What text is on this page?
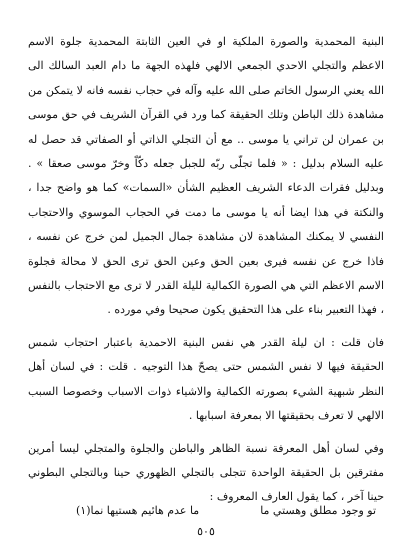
البنية المحمدية والصورة الملكية او في العين الثابتة المحمدية جلوة الاسم الاعظم والتجلي الاحدي الجمعي الالهي فلهذه الجهة ما دام العبد السالك الى الله يعني الرسول الخاتم صلى الله عليه وآله في حجاب نفسه فانه لا يتمكن من مشاهدة ذلك الباطن وتلك الحقيقة كما ورد في القرآن الشريف في حق موسى بن عمران لن تراني يا موسى .. مع أن التجلي الذاتي أو الصفاتي قد حصل له عليه السلام بدليل : « فلما تجلّى ربّه للجبل جعله دكّاً وخرّ موسى صعقا » . وبدليل فقرات الدعاء الشريف العظيم الشأن «السمات» كما هو واضح جدا ، والنكتة في هذا ايضا أنه يا موسى ما دمت في الحجاب الموسوي والاحتجاب النفسي لا يمكنك المشاهدة لان مشاهدة جمال الجميل لمن خرج عن نفسه ، فاذا خرج عن نفسه فيرى بعين الحق وعين الحق ترى الحق لا محالة فجلوة الاسم الاعظم التي هي الصورة الكمالية لليلة القدر لا ترى مع الاحتجاب بالنفس ، فهذا التعبير بناء على هذا التحقيق يكون صحيحا وفي مورده .

فان قلت : ان ليلة القدر هي نفس البنية الاحمدية باعتبار احتجاب شمس الحقيقة فيها لا نفس الشمس حتى يصحّ هذا التوجيه . قلت : في لسان أهل النظر شبهية الشيء بصورته الكمالية والاشياء ذوات الاسباب وخصوصا السبب الالهي لا تعرف بحقيقتها الا بمعرفة اسبابها .

وفي لسان أهل المعرفة نسبة الظاهر والباطن والجلوة والمتجلي ليسا أمرين مفترقين بل الحقيقة الواحدة تتجلى بالتجلي الظهوري حينا وبالتجلي البطوني حينا آخر ، كما يقول العارف المعروف :

تو وجود مطلق وهستي ما
ما عدم هائيم هستيها نما‏(١)
٥٠٥
